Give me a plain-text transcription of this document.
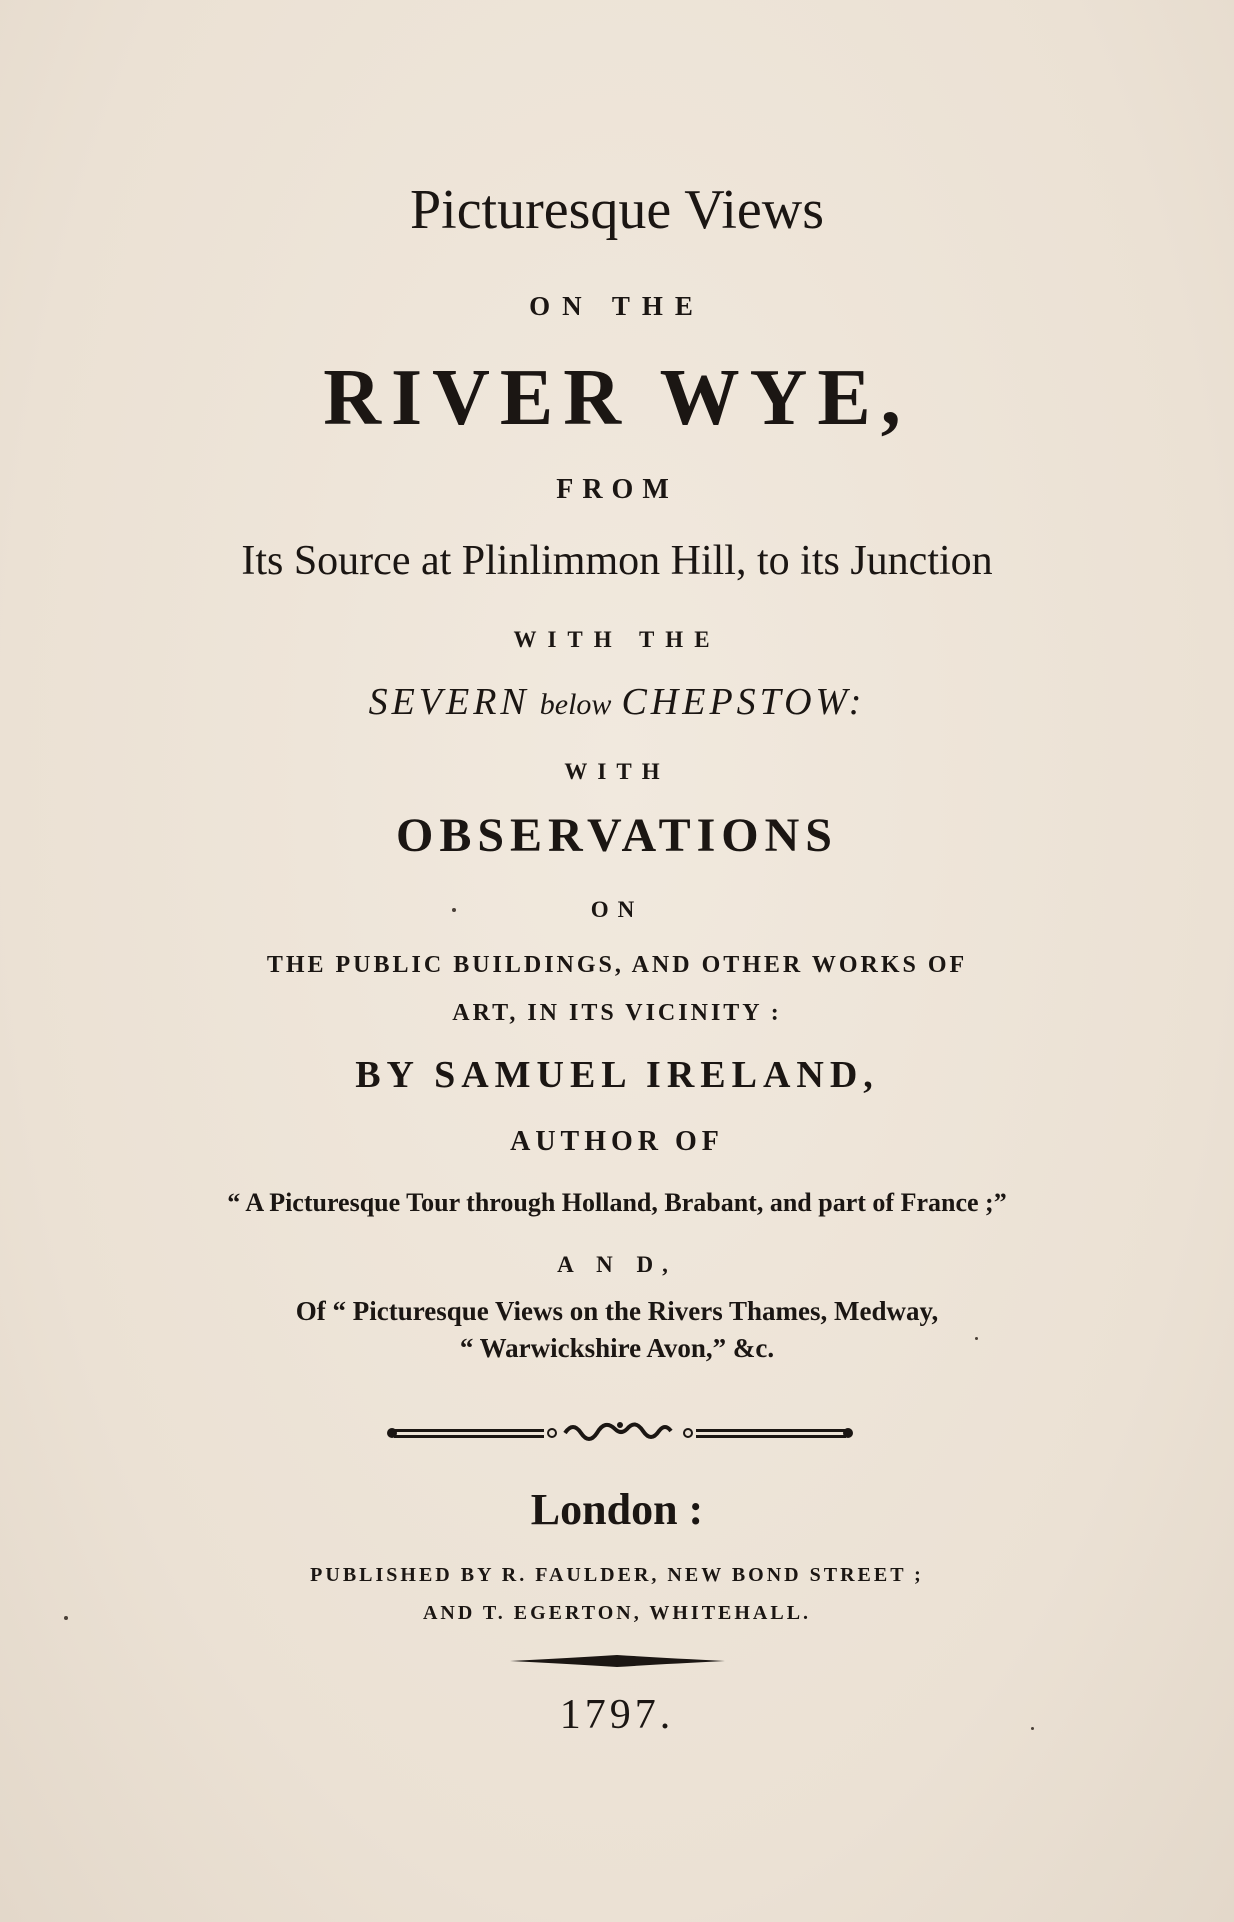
Picturesque Views
ON THE
RIVER WYE,
FROM
Its Source at Plinlimmon Hill, to its Junction
WITH THE
SEVERN below CHEPSTOW:
WITH
OBSERVATIONS
ON
THE PUBLIC BUILDINGS, AND OTHER WORKS OF
ART, IN ITS VICINITY :
BY SAMUEL IRELAND,
AUTHOR OF
“ A Picturesque Tour through Holland, Brabant, and part of France ;”
A N D,
Of “ Picturesque Views on the Rivers Thames, Medway,
“ Warwickshire Avon,” &c.
London :
PUBLISHED BY R. FAULDER, NEW BOND STREET ;
AND T. EGERTON, WHITEHALL.
1797.
